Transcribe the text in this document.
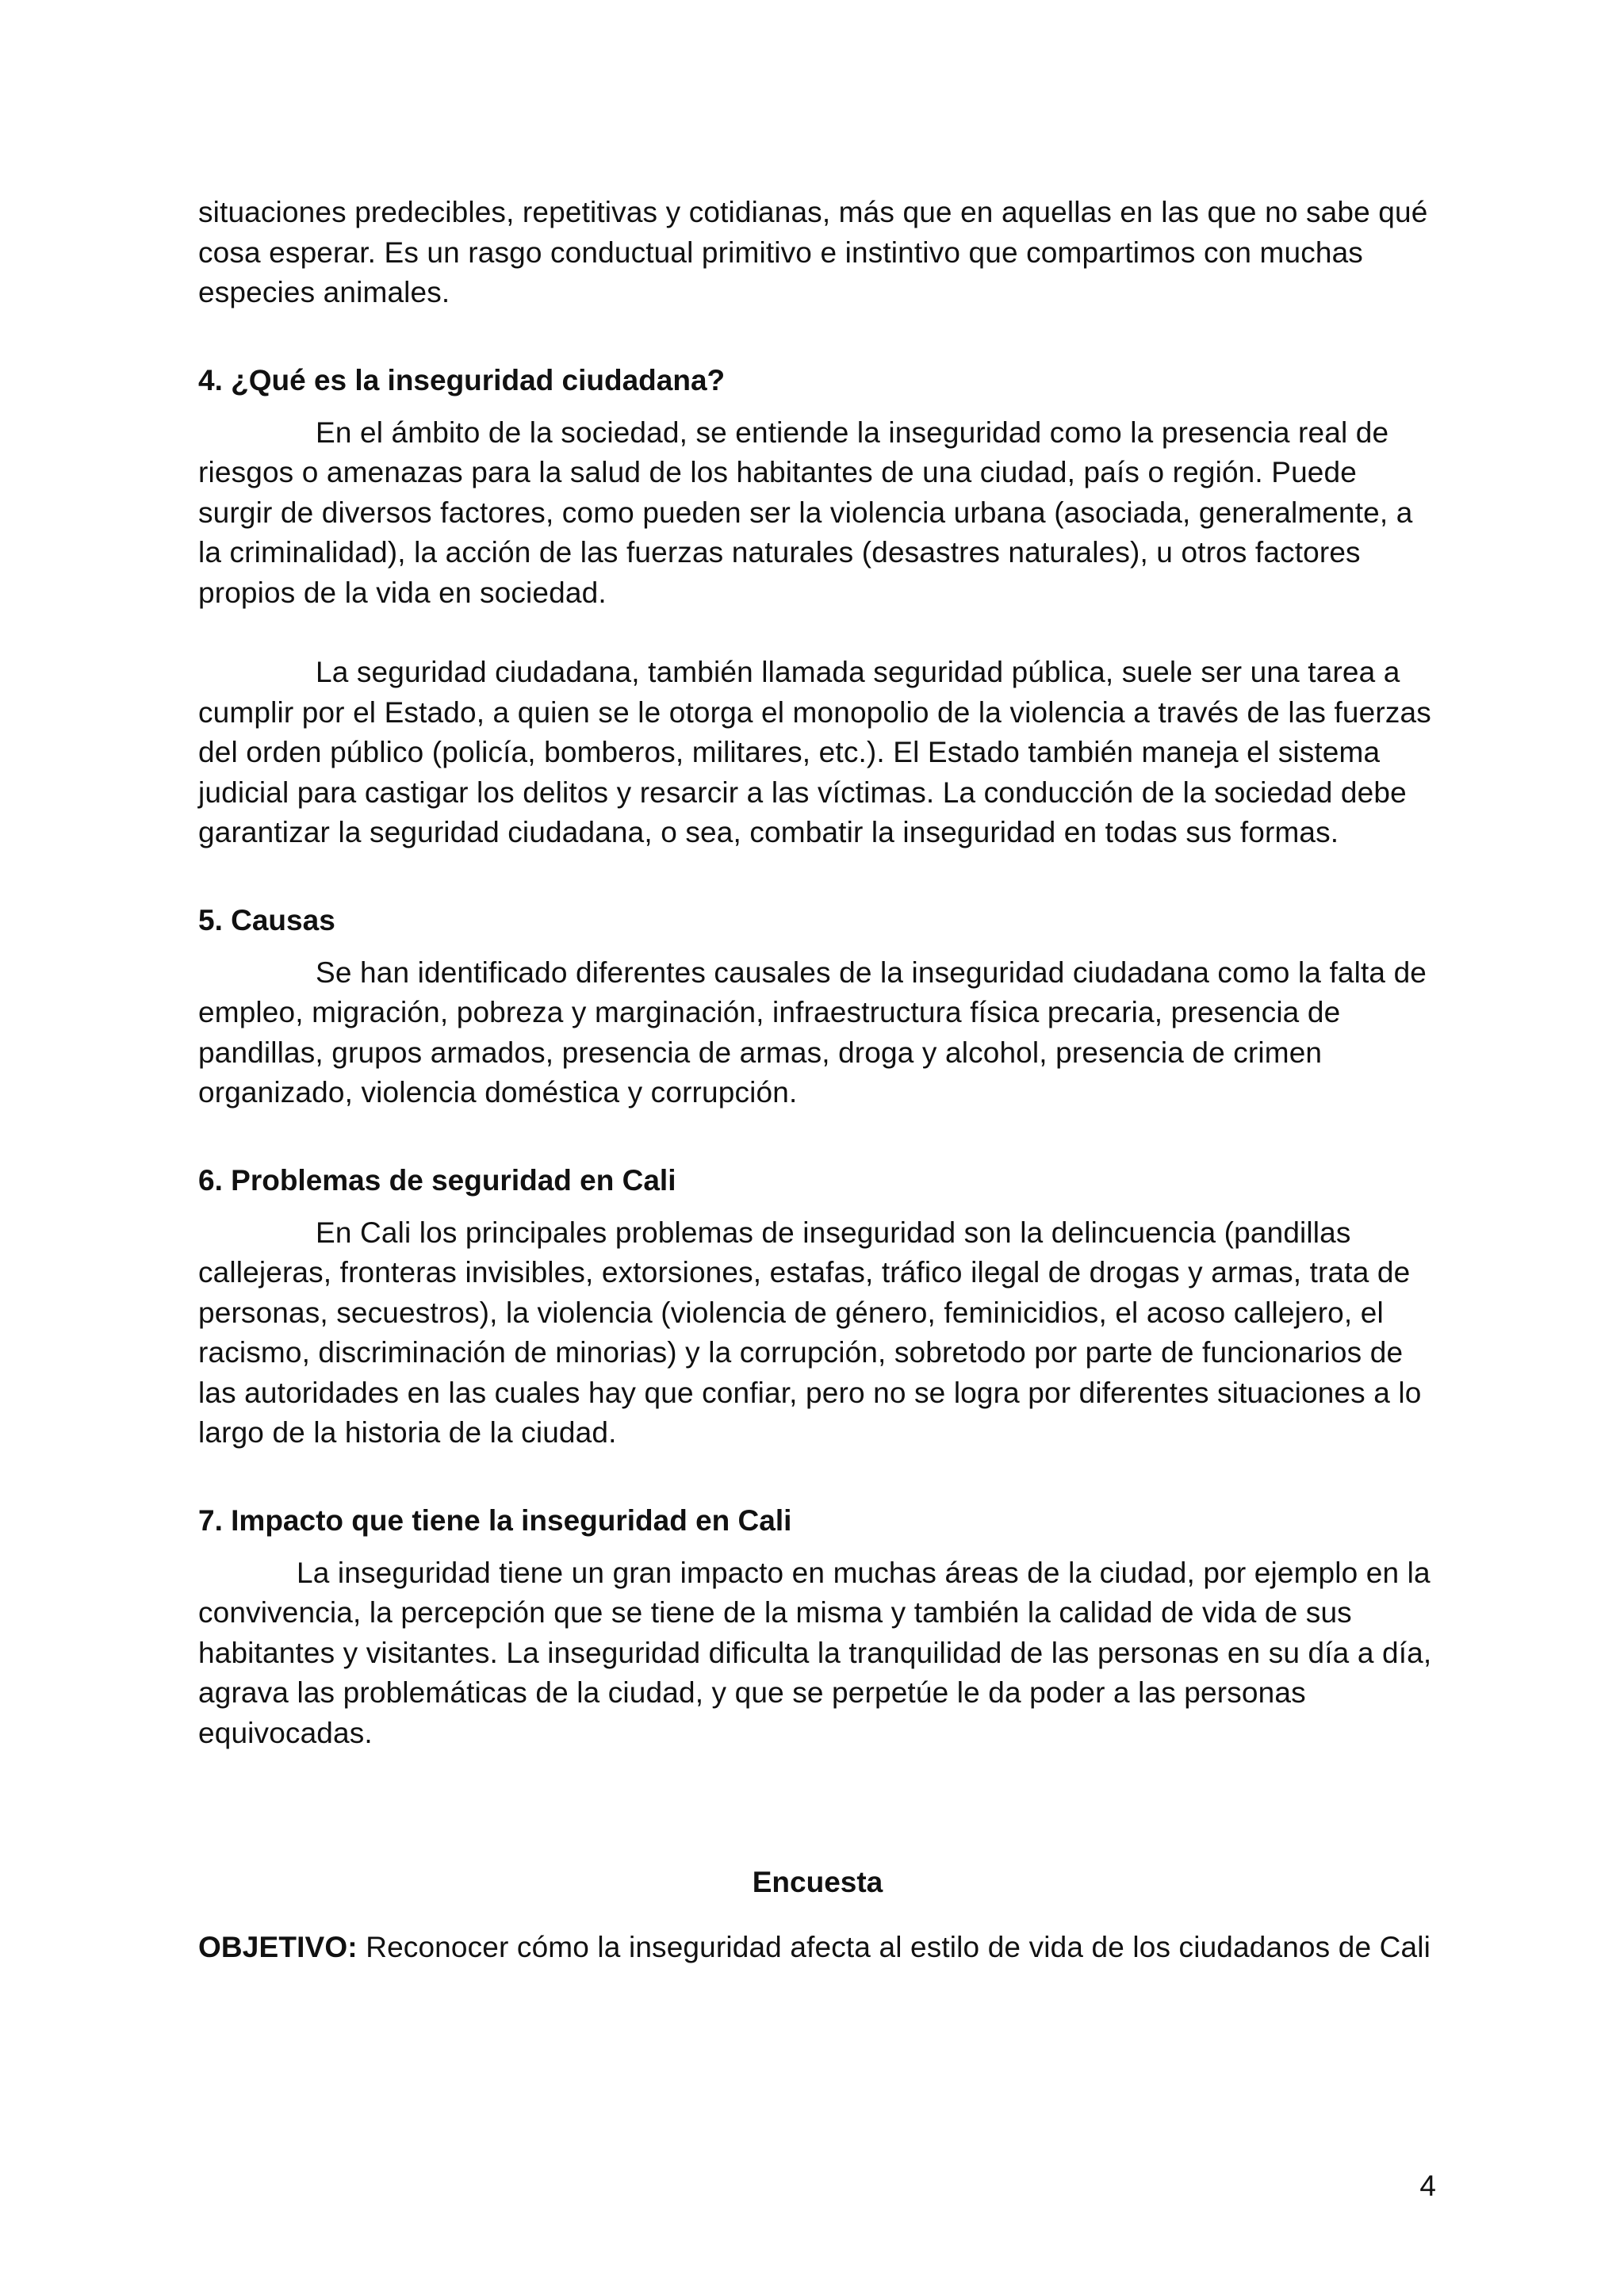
situaciones predecibles, repetitivas y cotidianas, más que en aquellas en las que no sabe qué cosa esperar. Es un rasgo conductual primitivo e instintivo que compartimos con muchas especies animales.

4. ¿Qué es la inseguridad ciudadana?

En el ámbito de la sociedad, se entiende la inseguridad como la presencia real de riesgos o amenazas para la salud de los habitantes de una ciudad, país o región. Puede surgir de diversos factores, como pueden ser la violencia urbana (asociada, generalmente, a la criminalidad), la acción de las fuerzas naturales (desastres naturales), u otros factores propios de la vida en sociedad.

La seguridad ciudadana, también llamada seguridad pública, suele ser una tarea a cumplir por el Estado, a quien se le otorga el monopolio de la violencia a través de las fuerzas del orden público (policía, bomberos, militares, etc.). El Estado también maneja el sistema judicial para castigar los delitos y resarcir a las víctimas. La conducción de la sociedad debe garantizar la seguridad ciudadana, o sea, combatir la inseguridad en todas sus formas.

5. Causas

Se han identificado diferentes causales de la inseguridad ciudadana como la falta de empleo, migración, pobreza y marginación, infraestructura física precaria, presencia de pandillas, grupos armados, presencia de armas, droga y alcohol, presencia de crimen organizado, violencia doméstica y corrupción.

6. Problemas de seguridad en Cali

En Cali los principales problemas de inseguridad son la delincuencia (pandillas callejeras, fronteras invisibles, extorsiones, estafas, tráfico ilegal de drogas y armas, trata de personas, secuestros), la violencia (violencia de género, feminicidios, el acoso callejero, el racismo, discriminación de minorias) y la corrupción, sobretodo por parte de funcionarios de las autoridades en las cuales hay que confiar, pero no se logra por diferentes situaciones a lo largo de la historia de la ciudad.

7. Impacto que tiene la inseguridad en Cali

La inseguridad tiene un gran impacto en muchas áreas de la ciudad, por ejemplo en la convivencia, la percepción que se tiene de la misma y también la calidad de vida de sus habitantes y visitantes. La inseguridad dificulta la tranquilidad de las personas en su día a día, agrava las problemáticas de la ciudad, y que se perpetúe le da poder a las personas equivocadas.

Encuesta

OBJETIVO: Reconocer cómo la inseguridad afecta al estilo de vida de los ciudadanos de Cali

4
